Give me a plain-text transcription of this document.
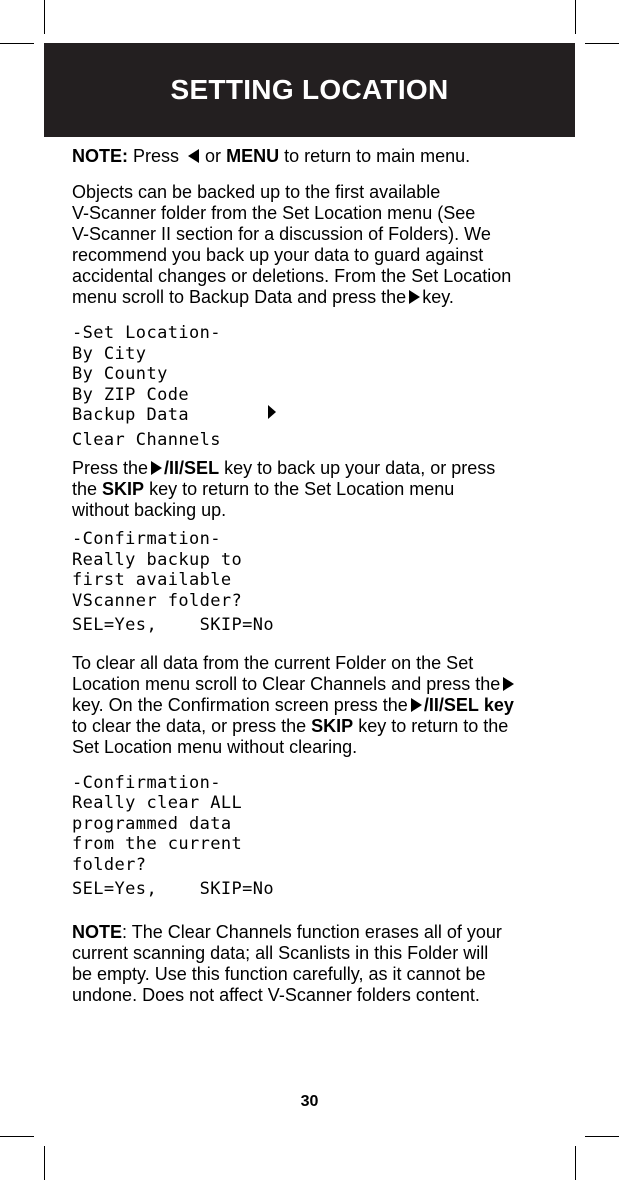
SETTING LOCATION

NOTE: Press or MENU to return to main menu.

Objects can be backed up to the first available
V-Scanner folder from the Set Location menu (See
V-Scanner II section for a discussion of Folders). We
recommend you back up your data to guard against
accidental changes or deletions. From the Set Location
menu scroll to Backup Data and press the key.

-Set Location-
By City
By County
By ZIP Code
Backup Data
Clear Channels

Press the /II/SEL key to back up your data, or press
the SKIP key to return to the Set Location menu
without backing up.

-Confirmation-
Really backup to
first available
VScanner folder?
SEL=Yes,    SKIP=No

To clear all data from the current Folder on the Set
Location menu scroll to Clear Channels and press the
key. On the Confirmation screen press the /II/SEL key
to clear the data, or press the SKIP key to return to the
Set Location menu without clearing.

-Confirmation-
Really clear ALL
programmed data
from the current
folder?
SEL=Yes,    SKIP=No

NOTE: The Clear Channels function erases all of your
current scanning data; all Scanlists in this Folder will
be empty. Use this function carefully, as it cannot be
undone. Does not affect V-Scanner folders content.

30
